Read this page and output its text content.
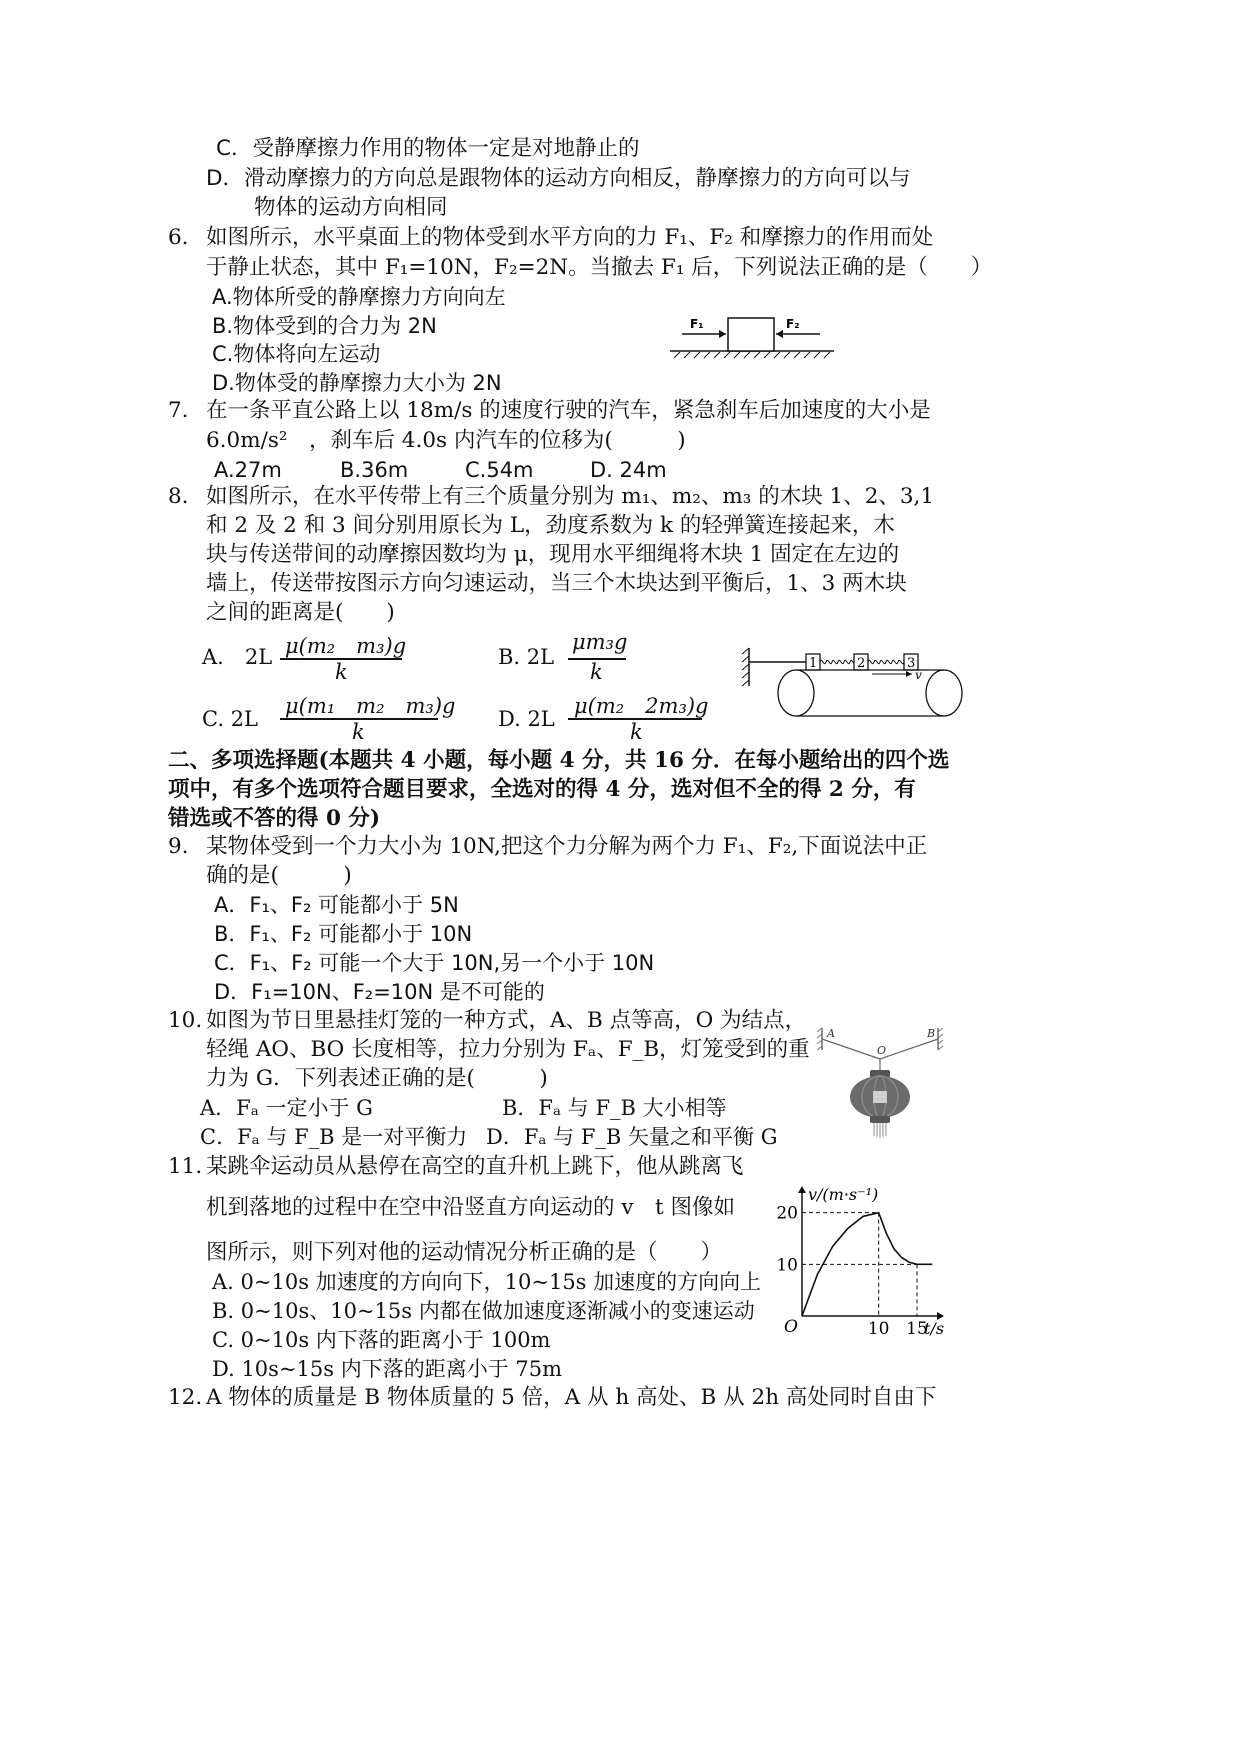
C．受静摩擦力作用的物体一定是对地静止的
D．滑动摩擦力的方向总是跟物体的运动方向相反，静摩擦力的方向可以与
物体的运动方向相同
6. 如图所示，水平桌面上的物体受到水平方向的力 F₁、F₂ 和摩擦力的作用而处
于静止状态，其中 F₁=10N，F₂=2N。当撤去 F₁ 后，下列说法正确的是（　　）
A.物体所受的静摩擦力方向向左
B.物体受到的合力为 2N
C.物体将向左运动
D.物体受的静摩擦力大小为 2N
F₁	F₂
7. 在一条平直公路上以 18m/s 的速度行驶的汽车，紧急刹车后加速度的大小是
6.0m/s²　，刹车后 4.0s 内汽车的位移为(　　　)
A.27m	B.36m	C.54m	D. 24m
8. 如图所示，在水平传带上有三个质量分别为 m₁、m₂、m₃ 的木块 1、2、3,1
和 2 及 2 和 3 间分别用原长为 L，劲度系数为 k 的轻弹簧连接起来，木
块与传送带间的动摩擦因数均为 μ，现用水平细绳将木块 1 固定在左边的
墙上，传送带按图示方向匀速运动，当三个木块达到平衡后，1、3 两木块
之间的距离是(　　)
A.　2L μ(m₂　m₃)g
k
B. 2L
μm₃g
k
C. 2L
μ(m₁　m₂　m₃)g
k
D. 2L
μ(m₂　2m₃)g
k
1	2	3
v
二、多项选择题(本题共 4 小题，每小题 4 分，共 16 分．在每小题给出的四个选
项中，有多个选项符合题目要求，全选对的得 4 分，选对但不全的得 2 分，有
错选或不答的得 0 分)
9. 某物体受到一个力大小为 10N,把这个力分解为两个力 F₁、F₂,下面说法中正
确的是(　　　)
A．F₁、F₂ 可能都小于 5N
B．F₁、F₂ 可能都小于 10N
C．F₁、F₂ 可能一个大于 10N,另一个小于 10N
D．F₁=10N、F₂=10N 是不可能的
10. 如图为节日里悬挂灯笼的一种方式，A、B 点等高，O 为结点，
轻绳 AO、BO 长度相等，拉力分别为 Fₐ、F_B，灯笼受到的重
力为 G．下列表述正确的是(　　　)
A．Fₐ 一定小于 G	B．Fₐ 与 F_B 大小相等
C．Fₐ 与 F_B 是一对平衡力 D．Fₐ 与 F_B 矢量之和平衡 G
A	B
O
11. 某跳伞运动员从悬停在高空的直升机上跳下，他从跳离飞
机到落地的过程中在空中沿竖直方向运动的 v　t 图像如
图所示，则下列对他的运动情况分析正确的是（　　）
A. 0~10s 加速度的方向向下，10~15s 加速度的方向向上
B. 0~10s、10~15s 内都在做加速度逐渐减小的变速运动
C. 0~10s 内下落的距离小于 100m
D. 10s~15s 内下落的距离小于 75m
v/(m·s⁻¹)
t/s
O
10
20
10 15
12. A 物体的质量是 B 物体质量的 5 倍，A 从 h 高处、B 从 2h 高处同时自由下
